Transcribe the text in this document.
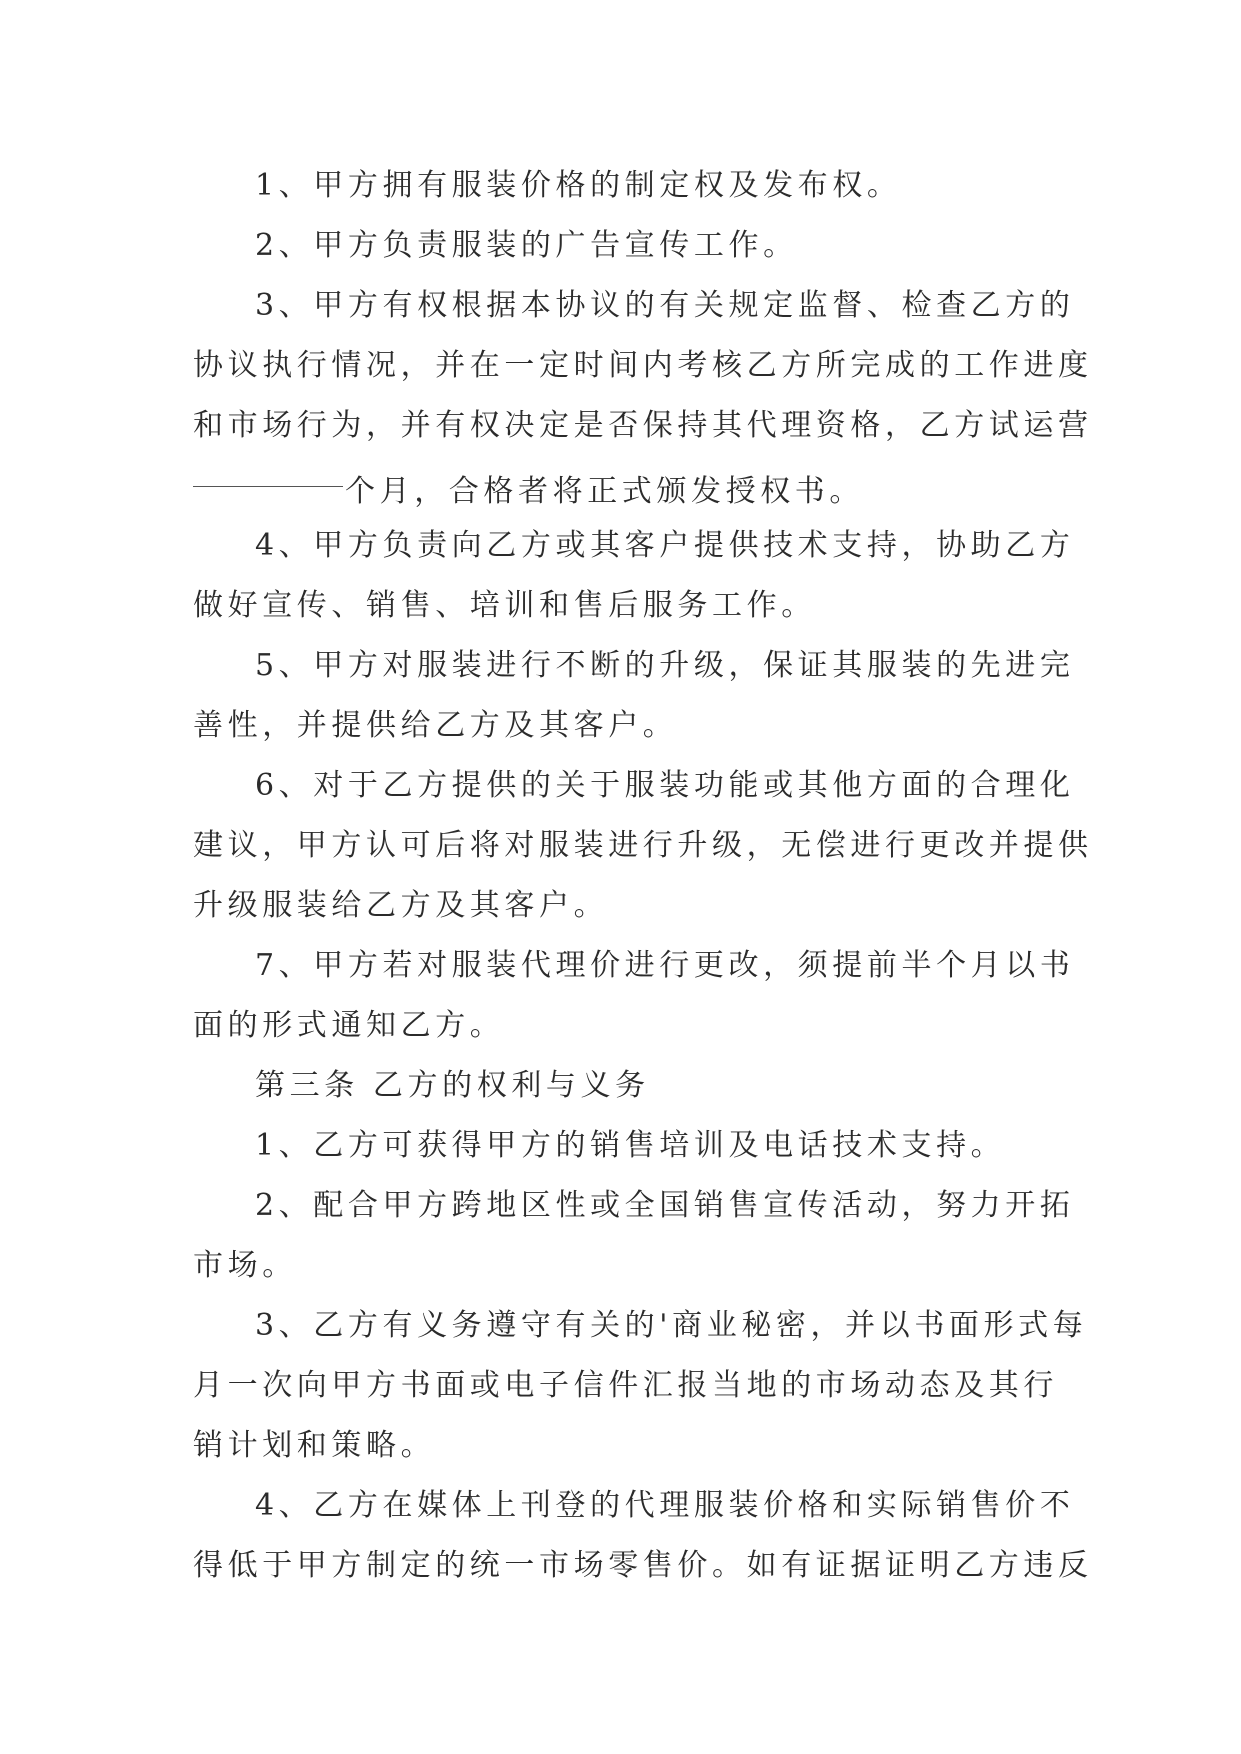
1、甲方拥有服装价格的制定权及发布权。

2、甲方负责服装的广告宣传工作。

3、甲方有权根据本协议的有关规定监督、检查乙方的
协议执行情况，并在一定时间内考核乙方所完成的工作进度
和市场行为，并有权决定是否保持其代理资格，乙方试运营
个月，合格者将正式颁发授权书。

4、甲方负责向乙方或其客户提供技术支持，协助乙方
做好宣传、销售、培训和售后服务工作。

5、甲方对服装进行不断的升级，保证其服装的先进完
善性，并提供给乙方及其客户。

6、对于乙方提供的关于服装功能或其他方面的合理化
建议，甲方认可后将对服装进行升级，无偿进行更改并提供
升级服装给乙方及其客户。

7、甲方若对服装代理价进行更改，须提前半个月以书
面的形式通知乙方。

第三条 乙方的权利与义务

1、乙方可获得甲方的销售培训及电话技术支持。

2、配合甲方跨地区性或全国销售宣传活动，努力开拓
市场。

3、乙方有义务遵守有关的'商业秘密，并以书面形式每
月一次向甲方书面或电子信件汇报当地的市场动态及其行
销计划和策略。

4、乙方在媒体上刊登的代理服装价格和实际销售价不
得低于甲方制定的统一市场零售价。如有证据证明乙方违反
